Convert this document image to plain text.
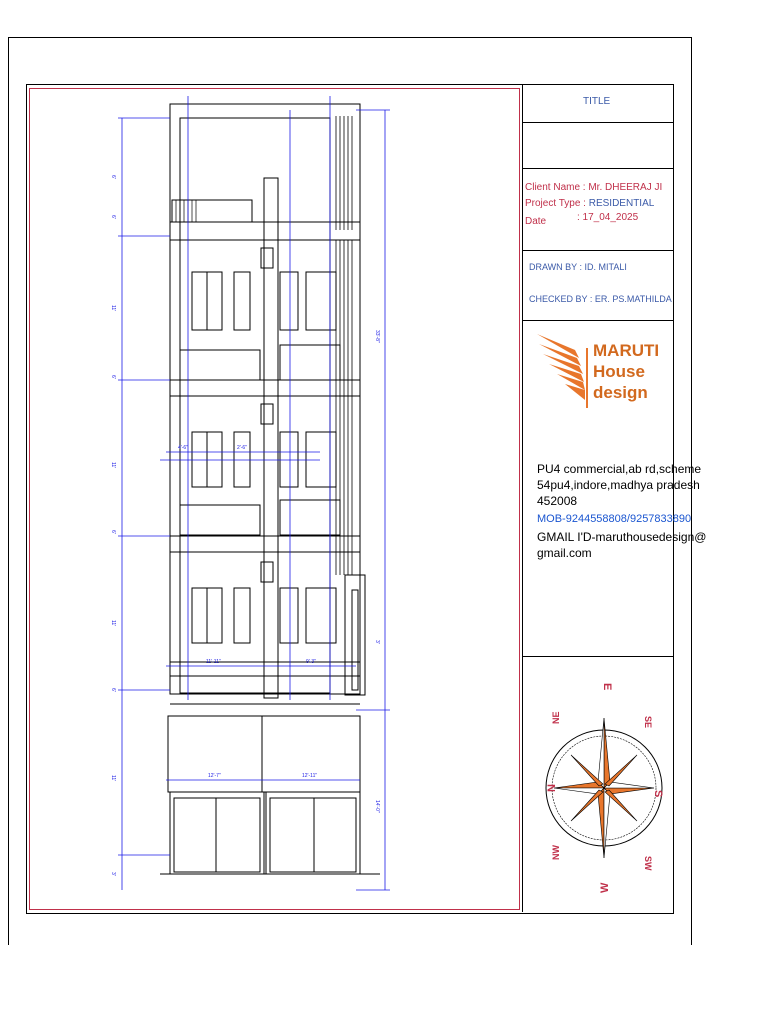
6'
6'
11'
6'
11'
6'
11'
6'
11'
3'
33'-8"
14'-0"
3'
11'-11"	9'-3"
12'-7"	12'-11"
4'-6"	2'-6"
TITLE
Client Name : Mr. DHEERAJ JI
Project Type : RESIDENTIAL
Date	: 17_04_2025
DRAWN BY : ID. MITALI
CHECKED BY : ER. PS.MATHILDA
MARUTI
House design
PU4 commercial,ab rd,scheme
54pu4,indore,madhya pradesh
452008
MOB-9244558808/9257833890
GMAIL I'D-maruthousedesign@
gmail.com
E
SE
S
SW
W
NW
N
NE
